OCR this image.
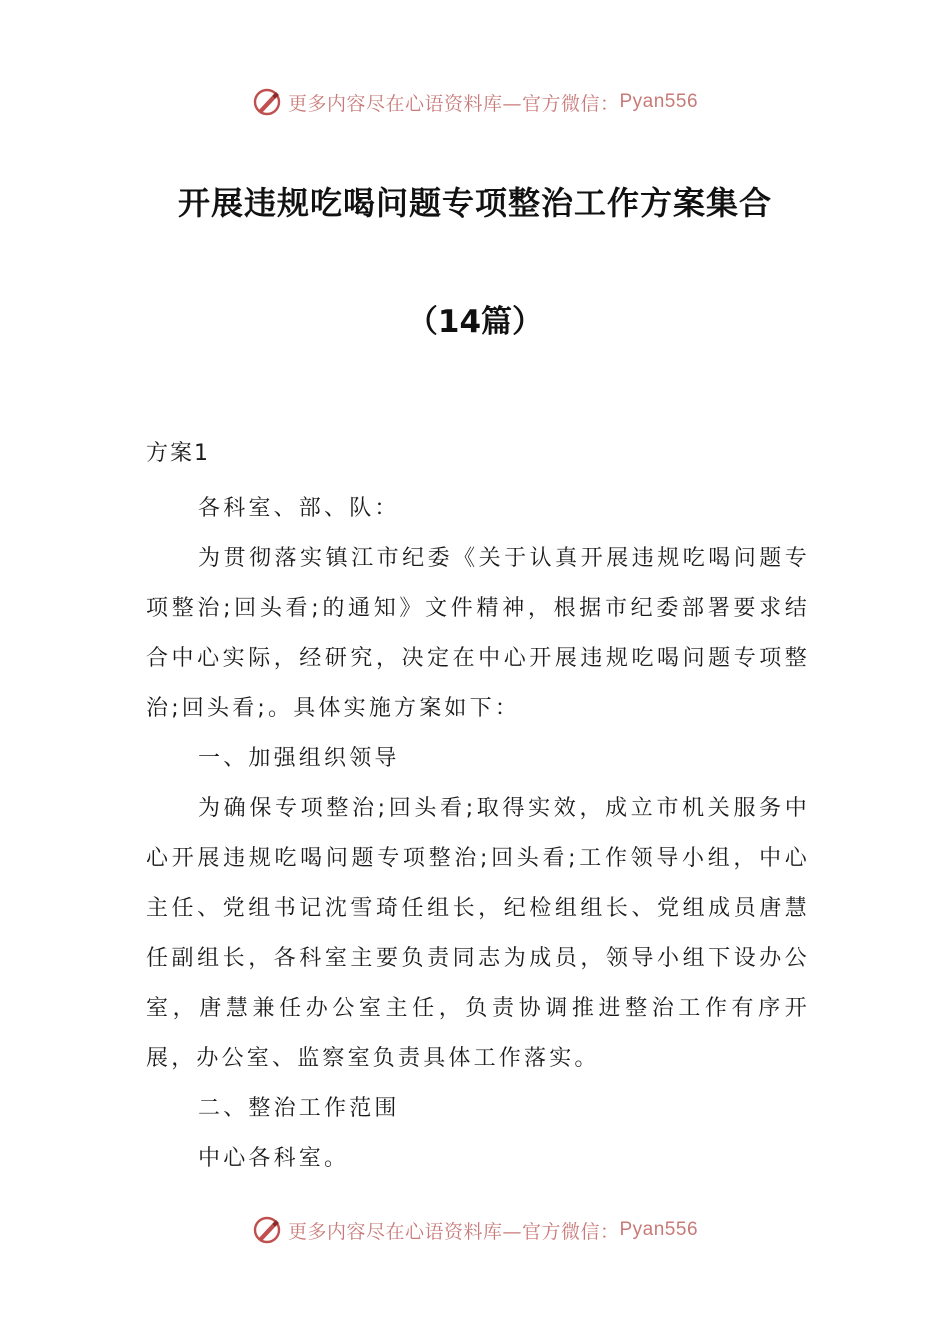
更多内容尽在心语资料库—官方微信： Pyan556
开展违规吃喝问题专项整治工作方案集合
（14篇）

方案1

各科室、部、队：

为贯彻落实镇江市纪委《关于认真开展违规吃喝问题专项整治;回头看;的通知》文件精神，根据市纪委部署要求结合中心实际，经研究，决定在中心开展违规吃喝问题专项整治;回头看;。具体实施方案如下：

一、加强组织领导

为确保专项整治;回头看;取得实效，成立市机关服务中心开展违规吃喝问题专项整治;回头看;工作领导小组，中心主任、党组书记沈雪琦任组长，纪检组组长、党组成员唐慧任副组长，各科室主要负责同志为成员，领导小组下设办公室，唐慧兼任办公室主任，负责协调推进整治工作有序开展，办公室、监察室负责具体工作落实。

二、整治工作范围

中心各科室。

更多内容尽在心语资料库—官方微信： Pyan556
